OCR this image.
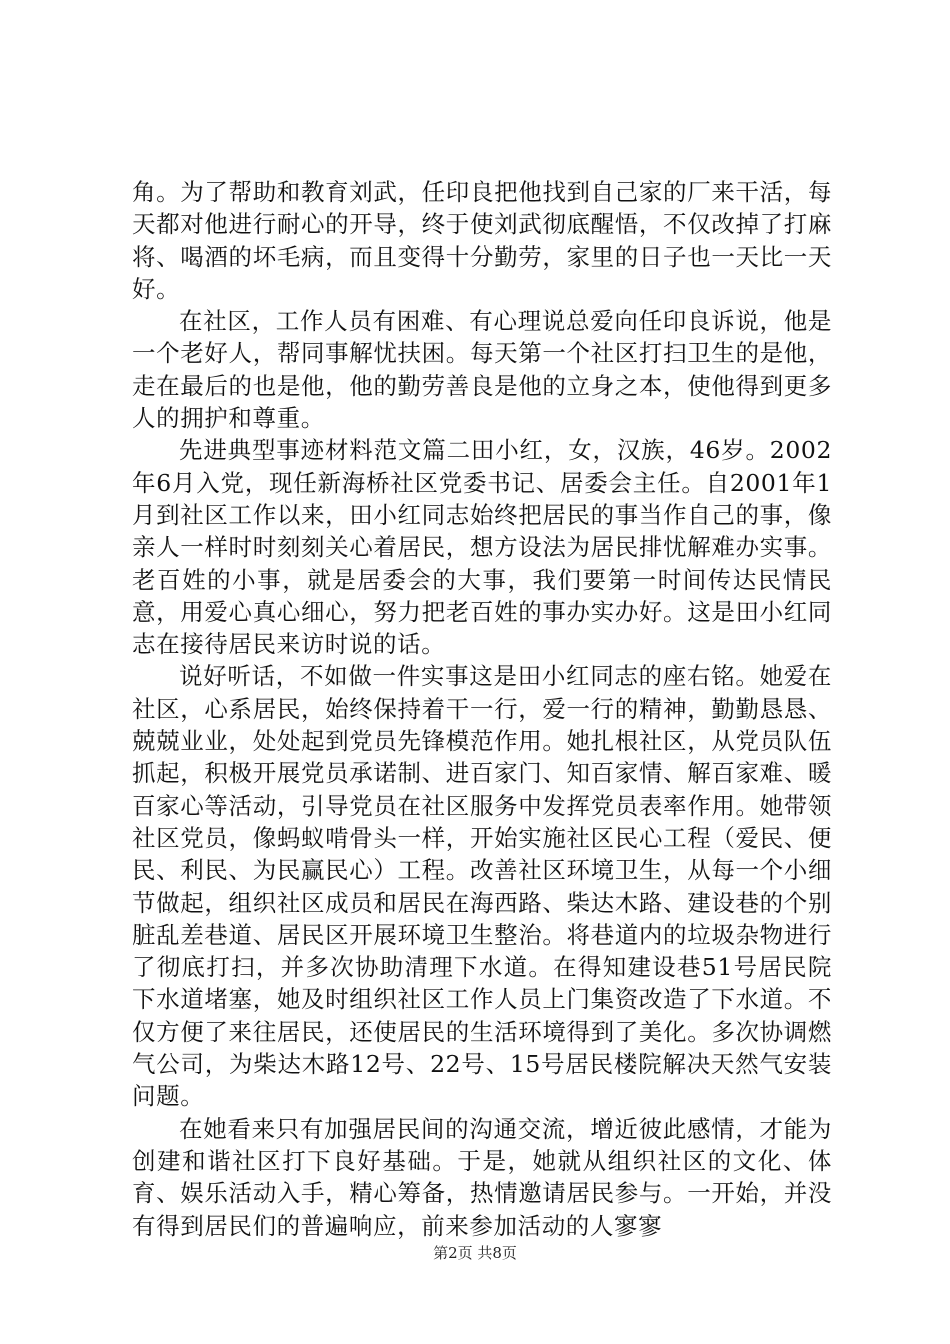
角。为了帮助和教育刘武，任印良把他找到自己家的厂来干活，每天都对他进行耐心的开导，终于使刘武彻底醒悟，不仅改掉了打麻将、喝酒的坏毛病，而且变得十分勤劳，家里的日子也一天比一天好。

在社区，工作人员有困难、有心理说总爱向任印良诉说，他是一个老好人，帮同事解忧扶困。每天第一个社区打扫卫生的是他，走在最后的也是他，他的勤劳善良是他的立身之本，使他得到更多人的拥护和尊重。

先进典型事迹材料范文篇二田小红，女，汉族，46岁。2002年6月入党，现任新海桥社区党委书记、居委会主任。自2001年1月到社区工作以来，田小红同志始终把居民的事当作自己的事，像亲人一样时时刻刻关心着居民，想方设法为居民排忧解难办实事。老百姓的小事，就是居委会的大事，我们要第一时间传达民情民意，用爱心真心细心，努力把老百姓的事办实办好。这是田小红同志在接待居民来访时说的话。

说好听话，不如做一件实事这是田小红同志的座右铭。她爱在社区，心系居民，始终保持着干一行，爱一行的精神，勤勤恳恳、兢兢业业，处处起到党员先锋模范作用。她扎根社区，从党员队伍抓起，积极开展党员承诺制、进百家门、知百家情、解百家难、暖百家心等活动，引导党员在社区服务中发挥党员表率作用。她带领社区党员，像蚂蚁啃骨头一样，开始实施社区民心工程（爱民、便民、利民、为民赢民心）工程。改善社区环境卫生，从每一个小细节做起，组织社区成员和居民在海西路、柴达木路、建设巷的个别脏乱差巷道、居民区开展环境卫生整治。将巷道内的垃圾杂物进行了彻底打扫，并多次协助清理下水道。在得知建设巷51号居民院下水道堵塞，她及时组织社区工作人员上门集资改造了下水道。不仅方便了来往居民，还使居民的生活环境得到了美化。多次协调燃气公司，为柴达木路12号、22号、15号居民楼院解决天然气安装问题。

在她看来只有加强居民间的沟通交流，增近彼此感情，才能为创建和谐社区打下良好基础。于是，她就从组织社区的文化、体育、娱乐活动入手，精心筹备，热情邀请居民参与。一开始，并没有得到居民们的普遍响应，前来参加活动的人寥寥

第2页 共8页
